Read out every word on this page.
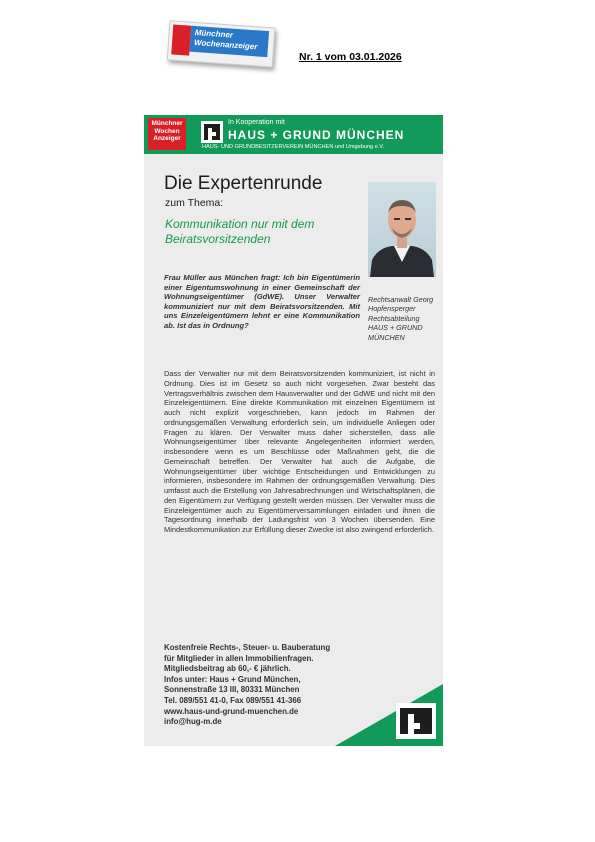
Münchner Wochenanzeiger
Nr. 1 vom 03.01.2026
Münchner Wochen Anzeiger
In Kooperation mit
HAUS + GRUND MÜNCHEN
HAUS- UND GRUNDBESITZERVEREIN MÜNCHEN und Umgebung e.V.
Die Expertenrunde
zum Thema:
Kommunikation nur mit dem Beiratsvorsitzenden
Rechtsanwalt Georg Hopfensperger Rechtsabteilung HAUS + GRUND MÜNCHEN
Frau Müller aus München fragt: Ich bin Eigentümerin einer Eigentumswohnung in einer Gemeinschaft der Wohnungseigentümer (GdWE). Unser Verwalter kommuniziert nur mit dem Beiratsvorsitzenden. Mit uns Einzeleigentümern lehnt er eine Kommunikation ab. Ist das in Ordnung?
Dass der Verwalter nur mit dem Beiratsvorsitzenden kommuniziert, ist nicht in Ordnung. Dies ist im Gesetz so auch nicht vorgesehen. Zwar besteht das Vertragsverhältnis zwischen dem Hausverwalter und der GdWE und nicht mit den Einzeleigentümern. Eine direkte Kommunikation mit einzelnen Eigentümern ist auch nicht explizit vorgeschrieben, kann jedoch im Rahmen der ordnungsgemäßen Verwaltung erforderlich sein, um individuelle Anliegen oder Fragen zu klären. Der Verwalter muss daher sicherstellen, dass alle Wohnungseigentümer über relevante Angelegenheiten informiert werden, insbesondere wenn es um Beschlüsse oder Maßnahmen geht, die die Gemeinschaft betreffen. Der Verwalter hat auch die Aufgabe, die Wohnungseigentümer über wichtige Entscheidungen und Entwicklungen zu informieren, insbesondere im Rahmen der ordnungsgemäßen Verwaltung. Dies umfasst auch die Erstellung von Jahresabrechnungen und Wirtschaftsplänen, die den Eigentümern zur Verfügung gestellt werden müssen. Der Verwalter muss die Einzeleigentümer auch zu Eigentümerversammlungen einladen und ihnen die Tagesordnung innerhalb der Ladungsfrist von 3 Wochen übersenden. Eine Mindestkommunikation zur Erfüllung dieser Zwecke ist also zwingend erforderlich.
Kostenfreie Rechts-, Steuer- u. Bauberatung
für Mitglieder in allen Immobilienfragen.
Mitgliedsbeitrag ab 60,- € jährlich.
Infos unter: Haus + Grund München,
Sonnenstraße 13 III, 80331 München
Tel. 089/551 41-0, Fax 089/551 41-366
www.haus-und-grund-muenchen.de
info@hug-m.de
